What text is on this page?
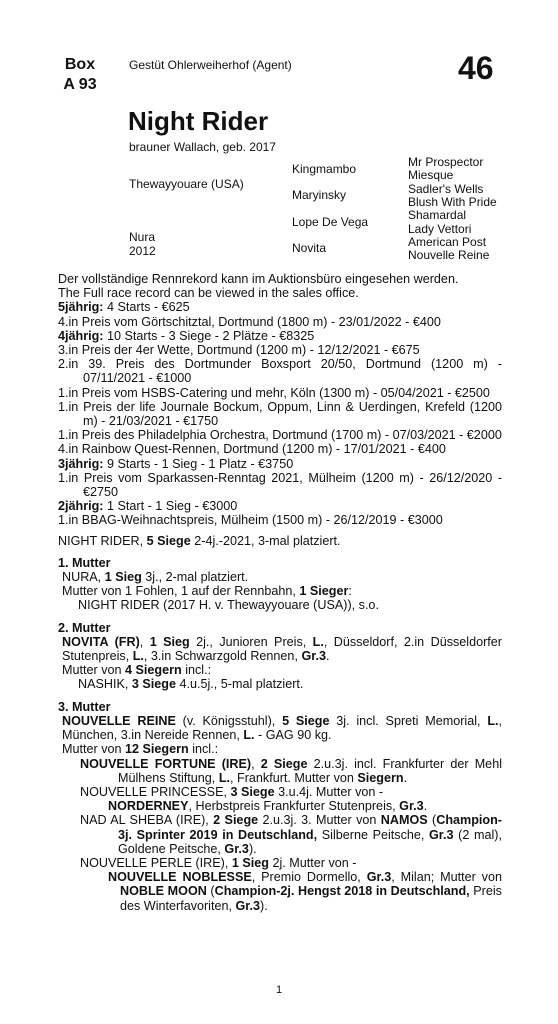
Box
A 93
Gestüt Ohlerweiherhof (Agent)	46
Night Rider
brauner Wallach, geb. 2017
Thewayyouare (USA)
Nura
2012
Kingmambo
Maryinsky
Lope De Vega
Novita
Mr Prospector
Miesque
Sadler's Wells
Blush With Pride
Shamardal
Lady Vettori
American Post
Nouvelle Reine

Der vollständige Rennrekord kann im Auktionsbüro eingesehen werden.

The Full race record can be viewed in the sales office.

5jährig: 4 Starts - €625

4.in Preis vom Görtschitztal, Dortmund (1800 m) - 23/01/2022 - €400

4jährig: 10 Starts - 3 Siege - 2 Plätze - €8325

3.in Preis der 4er Wette, Dortmund (1200 m) - 12/12/2021 - €675

2.in 39. Preis des Dortmunder Boxsport 20/50, Dortmund (1200 m) - 07/11/2021 - €1000

1.in Preis vom HSBS-Catering und mehr, Köln (1300 m) - 05/04/2021 - €2500

1.in Preis der life Journale Bockum, Oppum, Linn & Uerdingen, Krefeld (1200 m) - 21/03/2021 - €1750

1.in Preis des Philadelphia Orchestra, Dortmund (1700 m) - 07/03/2021 - €2000

4.in Rainbow Quest-Rennen, Dortmund (1200 m) - 17/01/2021 - €400

3jährig: 9 Starts - 1 Sieg - 1 Platz - €3750

1.in Preis vom Sparkassen-Renntag 2021, Mülheim (1200 m) - 26/12/2020 - €2750

2jährig: 1 Start - 1 Sieg - €3000

1.in BBAG-Weihnachtspreis, Mülheim (1500 m) - 26/12/2019 - €3000

NIGHT RIDER, 5 Siege 2-4j.-2021, 3-mal platziert.

1. Mutter

NURA, 1 Sieg 3j., 2-mal platziert.

Mutter von 1 Fohlen, 1 auf der Rennbahn, 1 Sieger:

NIGHT RIDER (2017 H. v. Thewayyouare (USA)), s.o.

2. Mutter

NOVITA (FR), 1 Sieg 2j., Junioren Preis, L., Düsseldorf, 2.in Düsseldorfer Stutenpreis, L., 3.in Schwarzgold Rennen, Gr.3.

Mutter von 4 Siegern incl.:

NASHIK, 3 Siege 4.u.5j., 5-mal platziert.

3. Mutter

NOUVELLE REINE (v. Königsstuhl), 5 Siege 3j. incl. Spreti Memorial, L., München, 3.in Nereide Rennen, L. - GAG 90 kg.

Mutter von 12 Siegern incl.:

NOUVELLE FORTUNE (IRE), 2 Siege 2.u.3j. incl. Frankfurter der Mehl Mülhens Stiftung, L., Frankfurt. Mutter von Siegern.

NOUVELLE PRINCESSE, 3 Siege 3.u.4j. Mutter von -

NORDERNEY, Herbstpreis Frankfurter Stutenpreis, Gr.3.

NAD AL SHEBA (IRE), 2 Siege 2.u.3j. 3. Mutter von NAMOS (Champion-3j. Sprinter 2019 in Deutschland, Silberne Peitsche, Gr.3 (2 mal), Goldene Peitsche, Gr.3).

NOUVELLE PERLE (IRE), 1 Sieg 2j. Mutter von -

NOUVELLE NOBLESSE, Premio Dormello, Gr.3, Milan; Mutter von NOBLE MOON (Champion-2j. Hengst 2018 in Deutschland, Preis des Winterfavoriten, Gr.3).

1
